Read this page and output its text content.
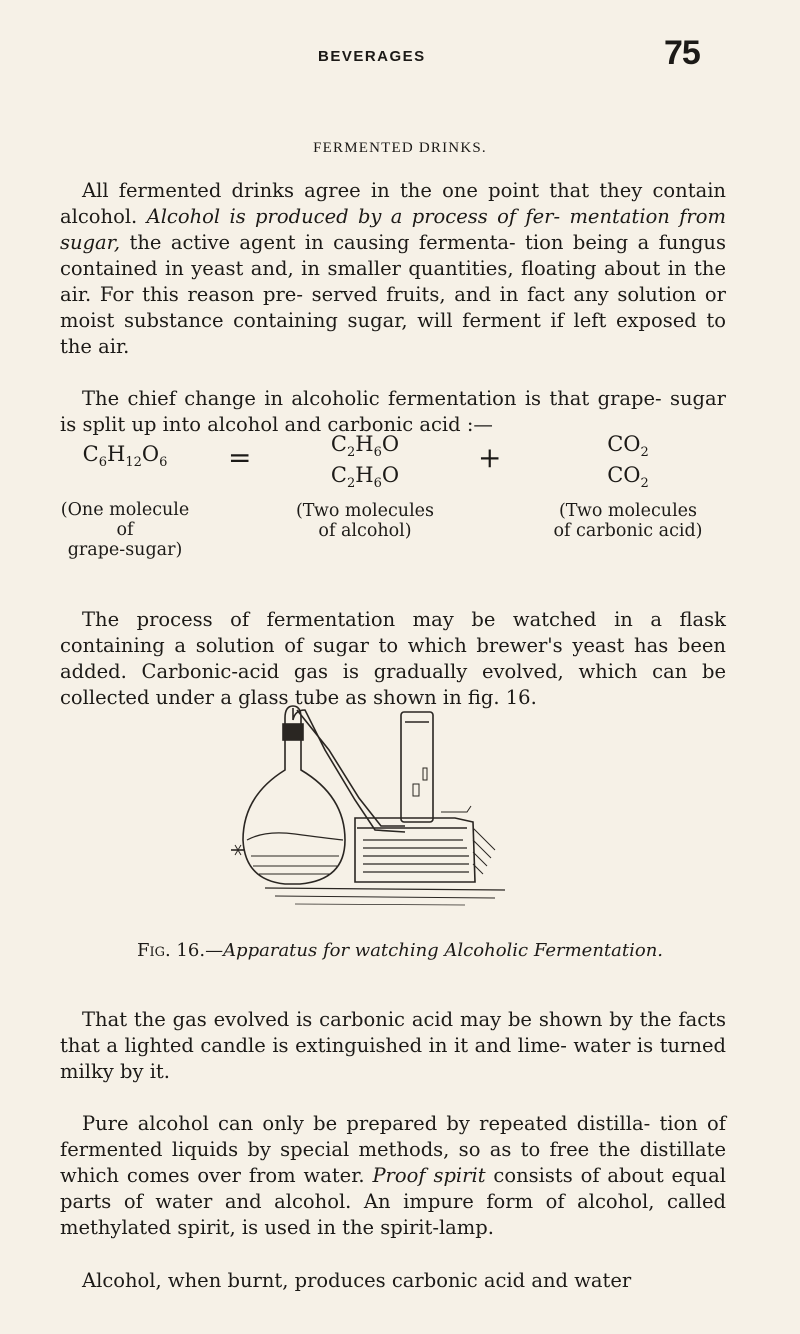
BEVERAGES	75
FERMENTED DRINKS.

All fermented drinks agree in the one point that they contain alcohol. Alcohol is produced by a process of fer- mentation from sugar, the active agent in causing fermenta- tion being a fungus contained in yeast and, in smaller quantities, floating about in the air. For this reason pre- served fruits, and in fact any solution or moist substance containing sugar, will ferment if left exposed to the air.

The chief change in alcoholic fermentation is that grape- sugar is split up into alcohol and carbonic acid :—

$C_6H_{12}O_6$
(One molecule of
grape-sugar)
=	$C_2H_6O$
$C_2H_6O$
(Two molecules
of alcohol)
+	$CO_2$
$CO_2$
(Two molecules
of carbonic acid)

The process of fermentation may be watched in a flask containing a solution of sugar to which brewer's yeast has been added. Carbonic-acid gas is gradually evolved, which can be collected under a glass tube as shown in fig. 16.

Fig. 16.—Apparatus for watching Alcoholic Fermentation.

That the gas evolved is carbonic acid may be shown by the facts that a lighted candle is extinguished in it and lime- water is turned milky by it.

Pure alcohol can only be prepared by repeated distilla- tion of fermented liquids by special methods, so as to free the distillate which comes over from water. Proof spirit consists of about equal parts of water and alcohol. An impure form of alcohol, called methylated spirit, is used in the spirit-lamp.

Alcohol, when burnt, produces carbonic acid and water
